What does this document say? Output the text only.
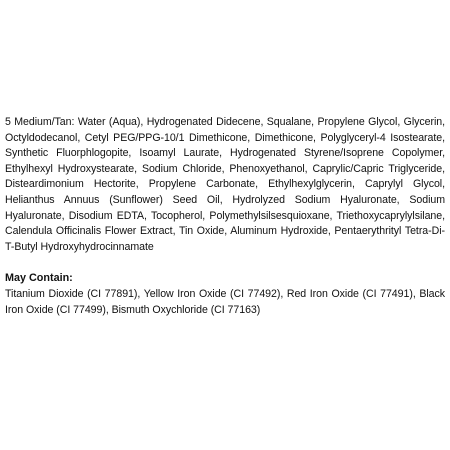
5 Medium/Tan: Water (Aqua), Hydrogenated Didecene, Squalane, Propylene Glycol, Glycerin, Octyldodecanol, Cetyl PEG/PPG-10/1 Dimethicone, Dimethicone, Polyglyceryl-4 Isostearate, Synthetic Fluorphlogopite, Isoamyl Laurate, Hydrogenated Styrene/Isoprene Copolymer, Ethylhexyl Hydroxystearate, Sodium Chloride, Phenoxyethanol, Caprylic/Capric Triglyceride, Disteardimonium Hectorite, Propylene Carbonate, Ethylhexylglycerin, Caprylyl Glycol, Helianthus Annuus (Sunflower) Seed Oil, Hydrolyzed Sodium Hyaluronate, Sodium Hyaluronate, Disodium EDTA, Tocopherol, Polymethylsilsesquioxane, Triethoxycaprylylsilane, Calendula Officinalis Flower Extract, Tin Oxide, Aluminum Hydroxide, Pentaerythrityl Tetra-Di-T-Butyl Hydroxyhydrocinnamate

May Contain:

Titanium Dioxide (CI 77891), Yellow Iron Oxide (CI 77492), Red Iron Oxide (CI 77491), Black Iron Oxide (CI 77499), Bismuth Oxychloride (CI 77163)
